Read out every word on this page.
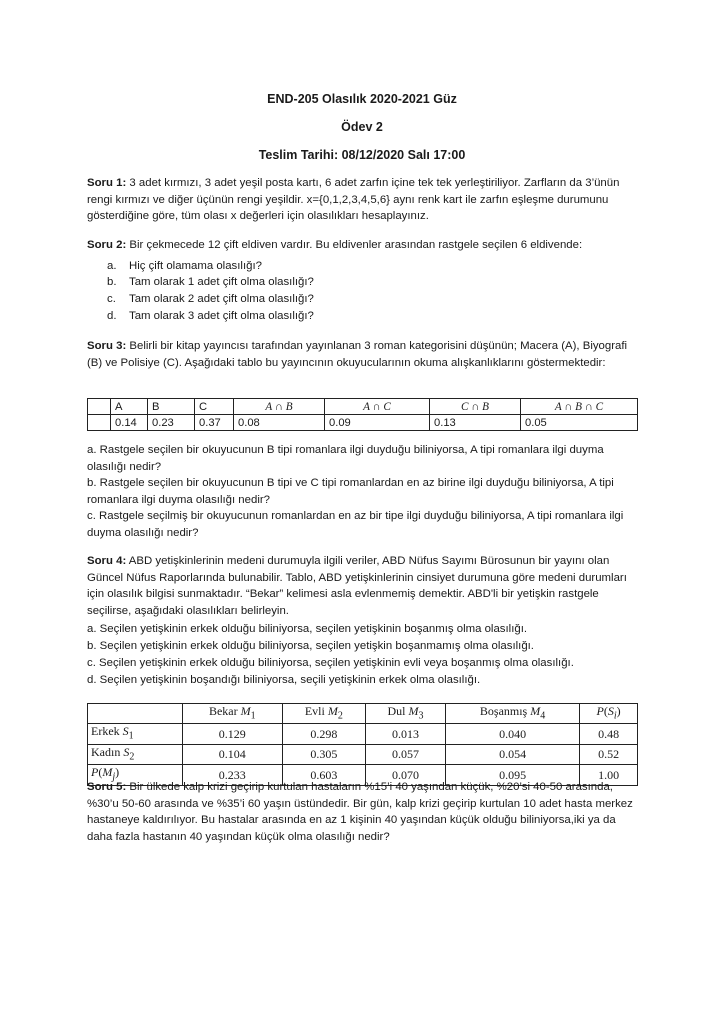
END-205 Olasılık 2020-2021 Güz
Ödev 2
Teslim Tarihi: 08/12/2020 Salı 17:00
Soru 1: 3 adet kırmızı, 3 adet yeşil posta kartı, 6 adet zarfın içine tek tek yerleştiriliyor. Zarfların da 3’ünün rengi kırmızı ve diğer üçünün rengi yeşildir. x={0,1,2,3,4,5,6} aynı renk kart ile zarfın eşleşme durumunu gösterdiğine göre, tüm olası x değerleri için olasılıkları hesaplayınız.
Soru 2: Bir çekmecede 12 çift eldiven vardır. Bu eldivenler arasından rastgele seçilen 6 eldivende:
a. Hiç çift olamama olasılığı?
b. Tam olarak 1 adet çift olma olasılığı?
c. Tam olarak 2 adet çift olma olasılığı?
d. Tam olarak 3 adet çift olma olasılığı?
Soru 3: Belirli bir kitap yayıncısı tarafından yayınlanan 3 roman kategorisini düşünün; Macera (A), Biyografi (B) ve Polisiye (C). Aşağıdaki tablo bu yayıncının okuyucularının okuma alışkanlıklarını göstermektedir:
	A	B	C	A ∩ B	A ∩ C	C ∩ B	A ∩ B ∩ C
	0.14	0.23	0.37	0.08	0.09	0.13	0.05
a. Rastgele seçilen bir okuyucunun B tipi romanlara ilgi duyduğu biliniyorsa, A tipi romanlara ilgi duyma olasılığı nedir?
b. Rastgele seçilen bir okuyucunun B tipi ve C tipi romanlardan en az birine ilgi duyduğu biliniyorsa, A tipi romanlara ilgi duyma olasılığı nedir?
c. Rastgele seçilmiş bir okuyucunun romanlardan en az bir tipe ilgi duyduğu biliniyorsa, A tipi romanlara ilgi duyma olasılığı nedir?
Soru 4: ABD yetişkinlerinin medeni durumuyla ilgili veriler, ABD Nüfus Sayımı Bürosunun bir yayını olan Güncel Nüfus Raporlarında bulunabilir. Tablo, ABD yetişkinlerinin cinsiyet durumuna göre medeni durumları için olasılık bilgisi sunmaktadır. “Bekar” kelimesi asla evlenmemiş demektir. ABD'li bir yetişkin rastgele seçilirse, aşağıdaki olasılıkları belirleyin.
a. Seçilen yetişkinin erkek olduğu biliniyorsa, seçilen yetişkinin boşanmış olma olasılığı.
b. Seçilen yetişkinin erkek olduğu biliniyorsa, seçilen yetişkin boşanmamış olma olasılığı.
c. Seçilen yetişkinin erkek olduğu biliniyorsa, seçilen yetişkinin evli veya boşanmış olma olasılığı.
d. Seçilen yetişkinin boşandığı biliniyorsa, seçili yetişkinin erkek olma olasılığı.
	Bekar $M_1$	Evli $M_2$	Dul $M_3$	Boşanmış $M_4$	$P(S_i)$
Erkek $S_1$	0.129	0.298	0.013	0.040	0.48
Kadın $S_2$	0.104	0.305	0.057	0.054	0.52
$P(M_j)$	0.233	0.603	0.070	0.095	1.00
Soru 5: Bir ülkede kalp krizi geçirip kurtulan hastaların %15’i 40 yaşından küçük, %20’si 40-50 arasında, %30’u 50-60 arasında ve %35’i 60 yaşın üstündedir. Bir gün, kalp krizi geçirip kurtulan 10 adet hasta merkez hastaneye kaldırılıyor. Bu hastalar arasında en az 1 kişinin 40 yaşından küçük olduğu biliniyorsa,iki ya da daha fazla hastanın 40 yaşından küçük olma olasılığı nedir?
